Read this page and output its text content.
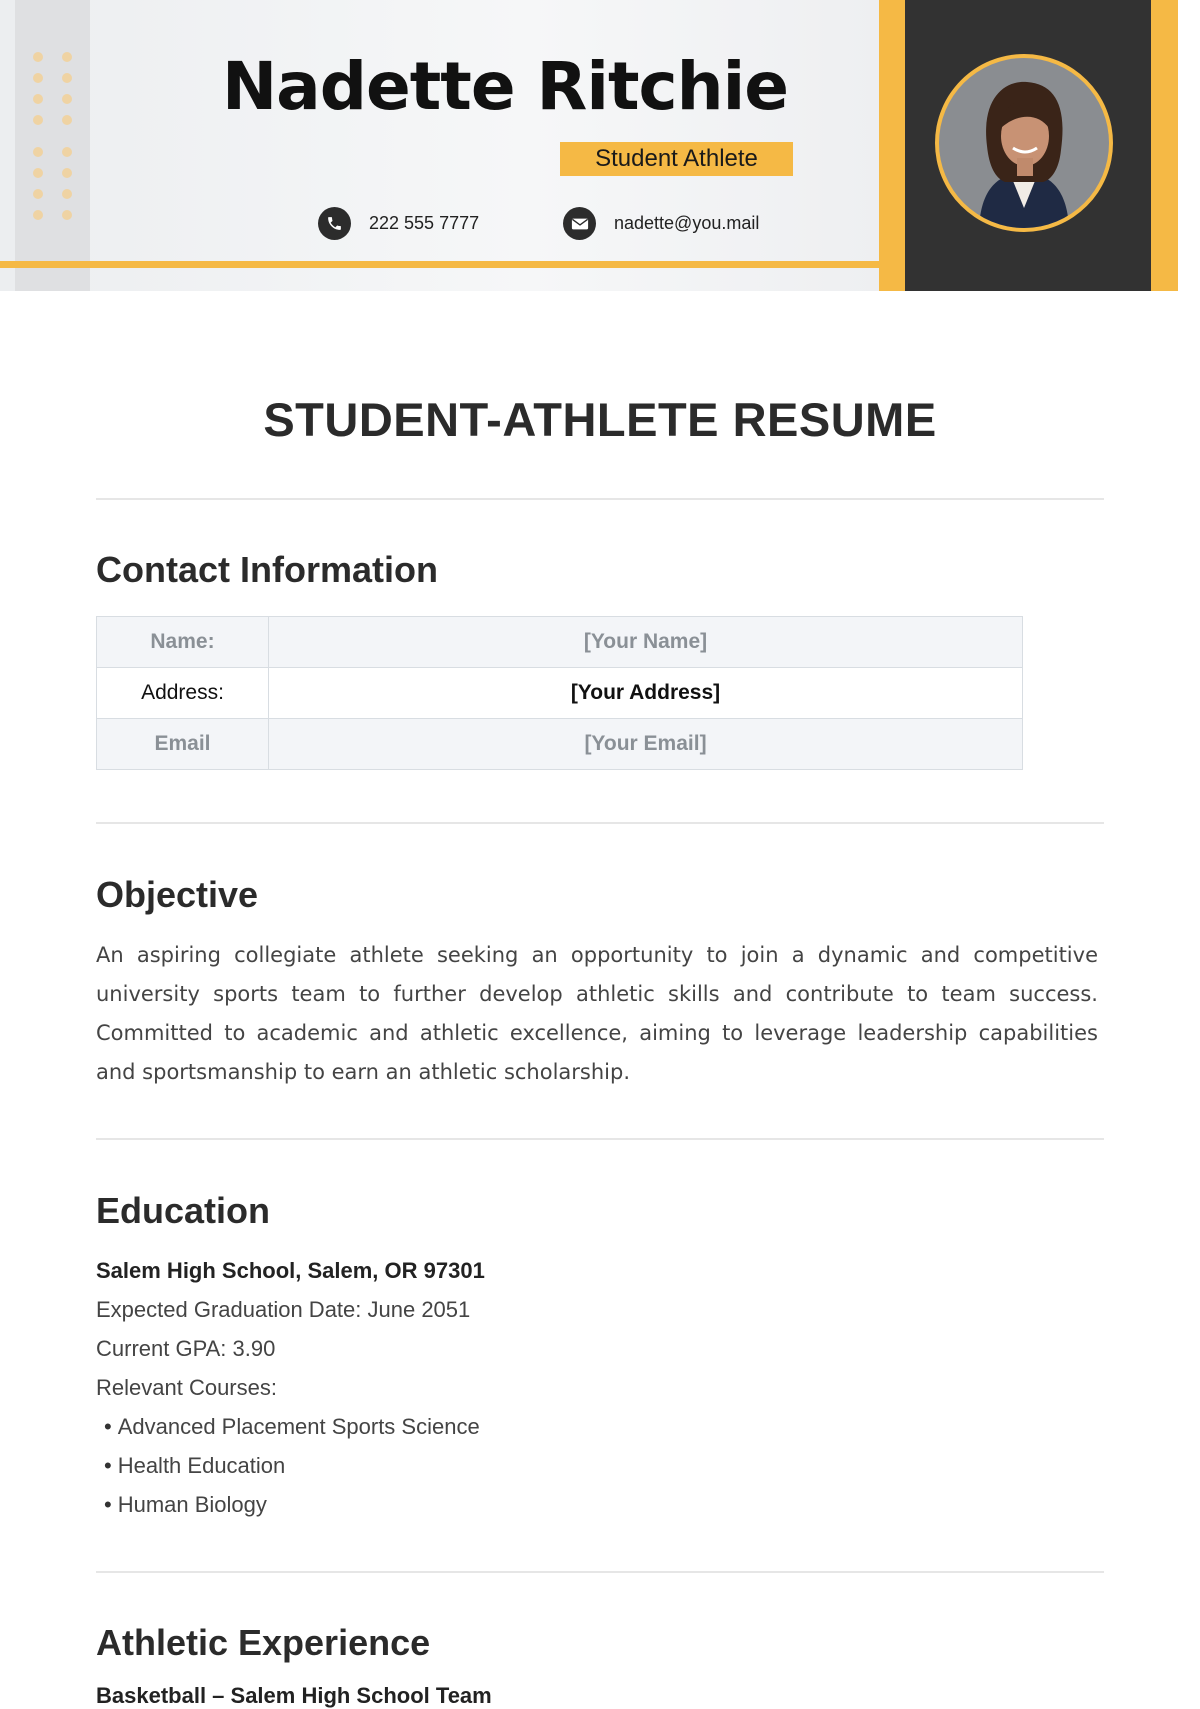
Nadette Ritchie
Student Athlete
222 555 7777	nadette@you.mail
STUDENT-ATHLETE RESUME
Contact Information
Name:	[Your Name]
Address:	[Your Address]
Email	[Your Email]
Objective
An aspiring collegiate athlete seeking an opportunity to join a dynamic and competitive university sports team to further develop athletic skills and contribute to team success. Committed to academic and athletic excellence, aiming to leverage leadership capabilities and sportsmanship to earn an athletic scholarship.
Education
Salem High School, Salem, OR 97301
Expected Graduation Date: June 2051
Current GPA: 3.90
Relevant Courses:
• Advanced Placement Sports Science
• Health Education
• Human Biology
Athletic Experience
Basketball – Salem High School Team
